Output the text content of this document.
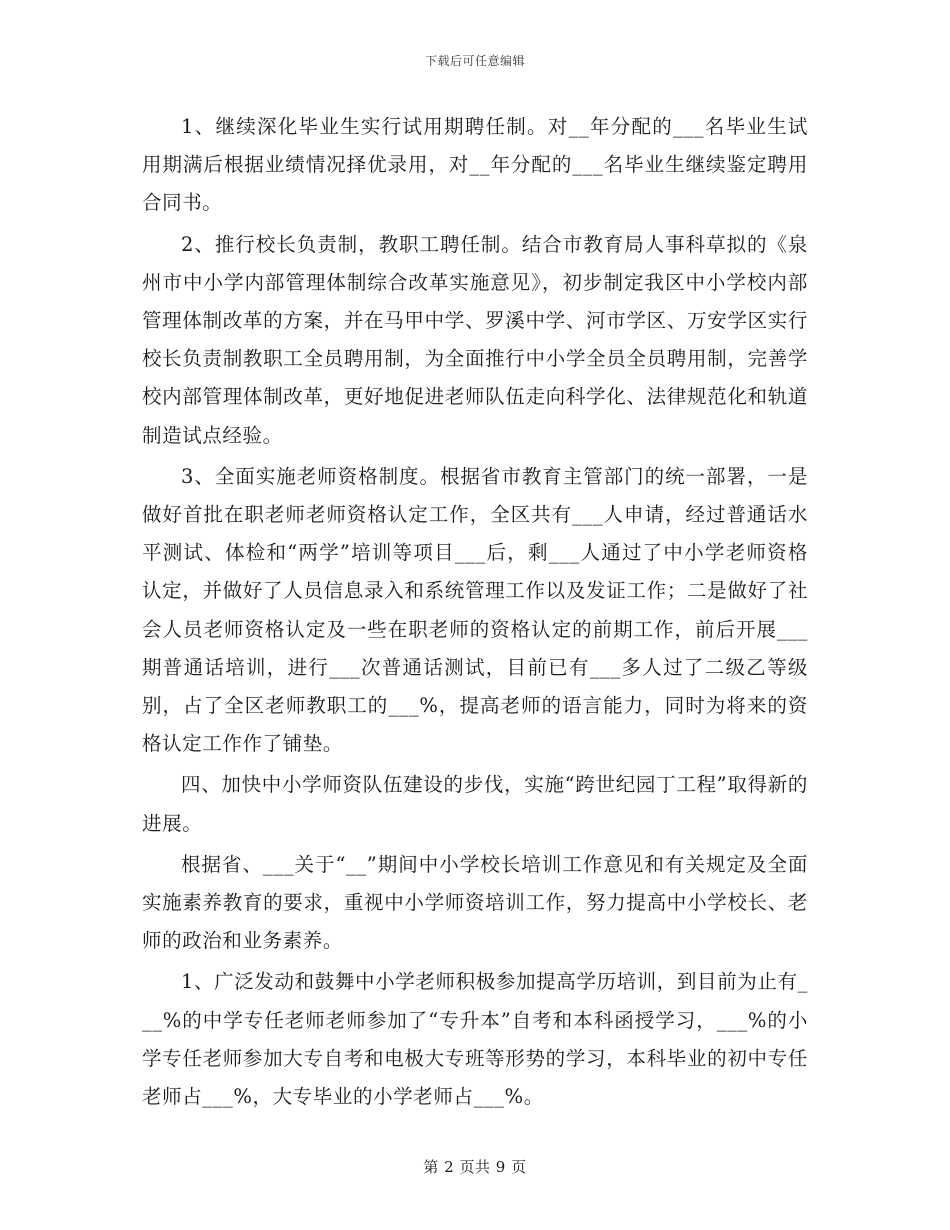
下载后可任意编辑

1、继续深化毕业生实行试用期聘任制。对__年分配的___名毕业生试用期满后根据业绩情况择优录用，对__年分配的___名毕业生继续鉴定聘用合同书。

2、推行校长负责制，教职工聘任制。结合市教育局人事科草拟的《泉州市中小学内部管理体制综合改革实施意见》，初步制定我区中小学校内部管理体制改革的方案，并在马甲中学、罗溪中学、河市学区、万安学区实行校长负责制教职工全员聘用制，为全面推行中小学全员全员聘用制，完善学校内部管理体制改革，更好地促进老师队伍走向科学化、法律规范化和轨道制造试点经验。

3、全面实施老师资格制度。根据省市教育主管部门的统一部署，一是做好首批在职老师老师资格认定工作，全区共有___人申请，经过普通话水平测试、体检和“两学”培训等项目___后，剩___人通过了中小学老师资格认定，并做好了人员信息录入和系统管理工作以及发证工作；二是做好了社会人员老师资格认定及一些在职老师的资格认定的前期工作，前后开展___期普通话培训，进行___次普通话测试，目前已有___多人过了二级乙等级别，占了全区老师教职工的___%，提高老师的语言能力，同时为将来的资格认定工作作了铺垫。

四、加快中小学师资队伍建设的步伐，实施“跨世纪园丁工程”取得新的进展。

根据省、___关于“__”期间中小学校长培训工作意见和有关规定及全面实施素养教育的要求，重视中小学师资培训工作，努力提高中小学校长、老师的政治和业务素养。

1、广泛发动和鼓舞中小学老师积极参加提高学历培训，到目前为止有___%的中学专任老师老师参加了“专升本”自考和本科函授学习，___%的小学专任老师参加大专自考和电极大专班等形势的学习，本科毕业的初中专任老师占___%，大专毕业的小学老师占___%。

第 2 页共 9 页
